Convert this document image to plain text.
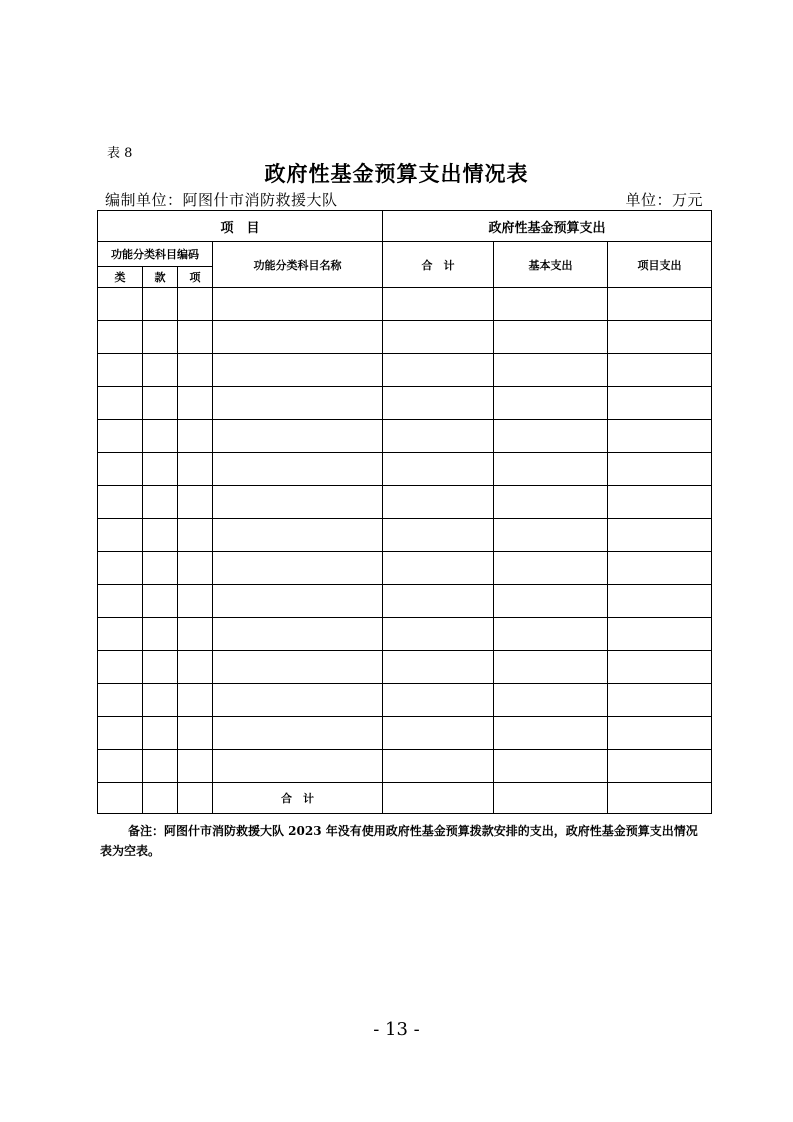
表 8
政府性基金预算支出情况表
编制单位：阿图什市消防救援大队	单位：万元
项　目				政府性基金预算支出		
功能分类科目编码			功能分类科目名称	合　计	基本支出	项目支出
类	款	项				

			合　计			
备注：阿图什市消防救援大队 2023 年没有使用政府性基金预算拨款安排的支出，政府性基金预算支出情况表为空表。
- 13 -
